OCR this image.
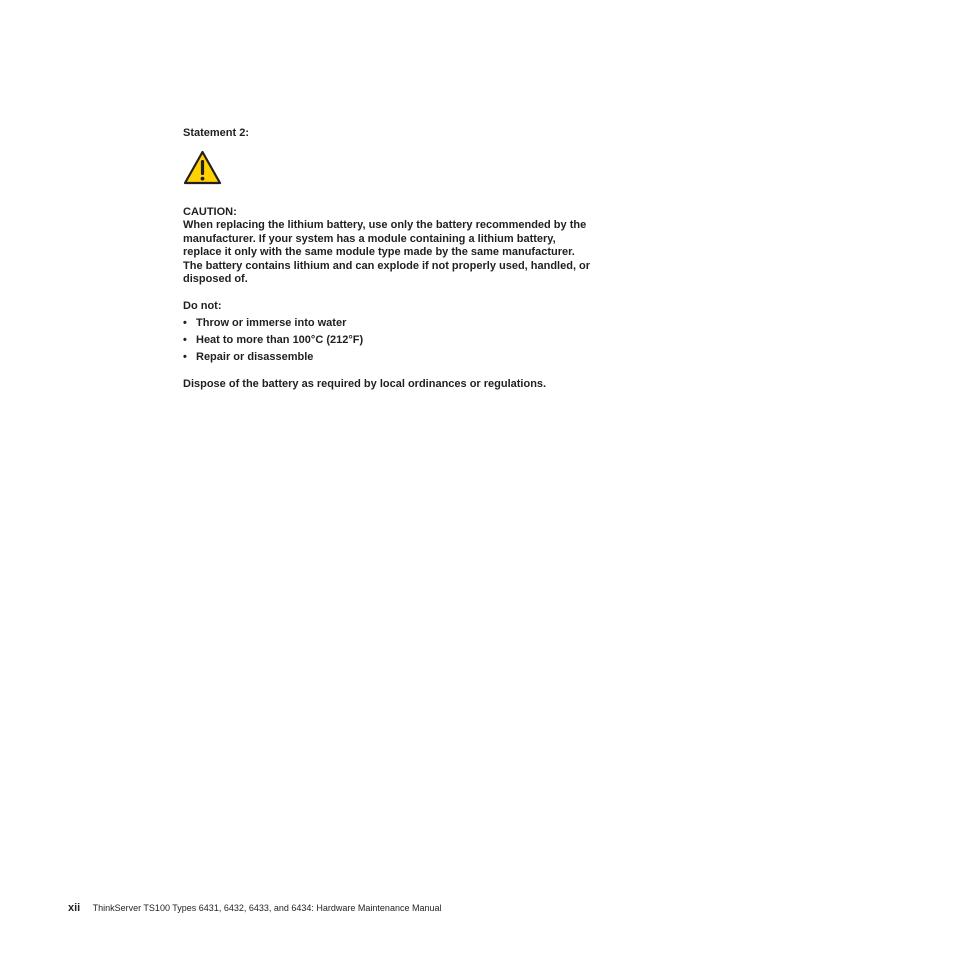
Statement 2:
CAUTION:
When replacing the lithium battery, use only the battery recommended by the
manufacturer. If your system has a module containing a lithium battery,
replace it only with the same module type made by the same manufacturer.
The battery contains lithium and can explode if not properly used, handled, or
disposed of.
Do not:
• Throw or immerse into water
• Heat to more than 100°C (212°F)
• Repair or disassemble
Dispose of the battery as required by local ordinances or regulations.
xii ThinkServer TS100 Types 6431, 6432, 6433, and 6434: Hardware Maintenance Manual
